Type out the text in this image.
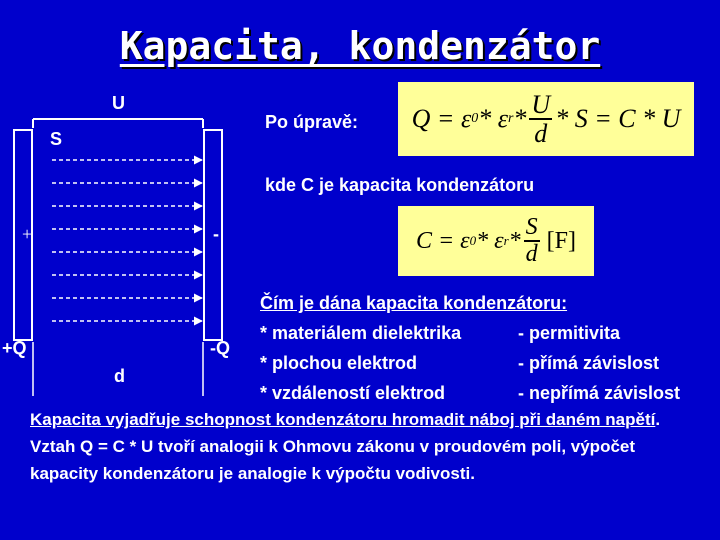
Kapacita, kondenzátor
U
S
+	-
+Q	-Q
d
Po úpravě: Q = ε 0 * ε $r * \frac{U}{d} * S = C * U$
kde C je kapacita kondenzátoru
C = ε 0 * ε r * $\frac{S}{d} [F]$
Čím je dána kapacita kondenzátoru:
* materiálem dielektrika	- permitivita
* plochou elektrod	- přímá závislost
* vzdáleností elektrod	- nepřímá závislost
Kapacita vyjadřuje schopnost kondenzátoru hromadit náboj při daném napětí. Vztah Q = C * U tvoří analogii k Ohmovu zákonu v proudovém poli, výpočet kapacity kondenzátoru je analogie k výpočtu vodivosti.
